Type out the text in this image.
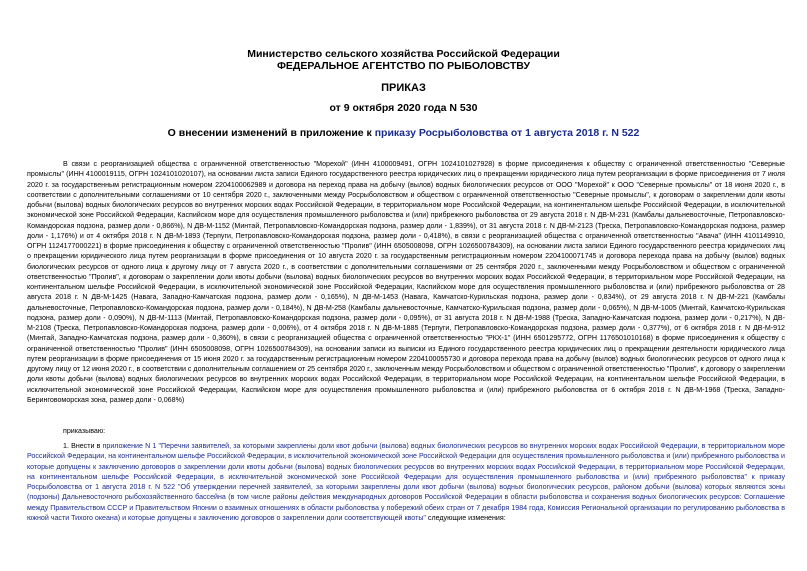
Министерство сельского хозяйства Российской Федерации
ФЕДЕРАЛЬНОЕ АГЕНТСТВО ПО РЫБОЛОВСТВУ
ПРИКАЗ
от 9 октября 2020 года N 530
О внесении изменений в приложение к приказу Росрыболовства от 1 августа 2018 г. N 522
В связи с реорганизацией общества с ограниченной ответственностью "Морехой" (ИНН 4100009491, ОГРН 1024101027928) в форме присоединения к обществу с ограниченной ответственностью "Северные промыслы" (ИНН 4100019115, ОГРН 1024101020107), на основании листа записи Единого государственного реестра юридических лиц о прекращении юридического лица путем реорганизации в форме присоединения от 7 июля 2020 г. за государственным регистрационным номером 2204100062989 и договора на переход права на добычу (вылов) водных биологических ресурсов от ООО "Морехой" к ООО "Северные промыслы" от 18 июня 2020 г., в соответствии с дополнительными соглашениями от 10 сентября 2020 г., заключенными между Росрыболовством и обществом с ограниченной ответственностью "Северные промыслы", к договорам о закреплении доли квоты добычи (вылова) водных биологических ресурсов во внутренних морских водах Российской Федерации, в территориальном море Российской Федерации, на континентальном шельфе Российской Федерации, в исключительной экономической зоне Российской Федерации, Каспийском море для осуществления промышленного рыболовства и (или) прибрежного рыболовства от 29 августа 2018 г. N ДВ-М-231 (Камбалы дальневосточные, Петропавловско-Командорская подзона, размер доли - 0,866%), N ДВ-М-1152 (Минтай, Петропавловско-Командорская подзона, размер доли - 1,839%), от 31 августа 2018 г. N ДВ-М-2123 (Треска, Петропавловско-Командорская подзона, размер доли - 1,176%) и от 4 октября 2018 г. N ДВ-М-1893 (Терпуги, Петропавловско-Командорская подзона, размер доли - 0,418%), в связи с реорганизацией общества с ограниченной ответственностью "Авача" (ИНН 4101149910, ОГРН 1124177000221) в форме присоединения к обществу с ограниченной ответственностью "Пролив" (ИНН 6505008098, ОГРН 1026500784309), на основании листа записи Единого государственного реестра юридических лиц о прекращении юридического лица путем реорганизации в форме присоединения от 10 августа 2020 г. за государственным регистрационным номером 2204100071745 и договора перехода права на добычу (вылов) водных биологических ресурсов от одного лица к другому лицу от 7 августа 2020 г., в соответствии с дополнительными соглашениями от 25 сентября 2020 г., заключенными между Росрыболовством и обществом с ограниченной ответственностью "Пролив", к договорам о закреплении доли квоты добычи (вылова) водных биологических ресурсов во внутренних морских водах Российской Федерации, в территориальном море Российской Федерации, на континентальном шельфе Российской Федерации, в исключительной экономической зоне Российской Федерации, Каспийском море для осуществления промышленного рыболовства и (или) прибрежного рыболовства от 28 августа 2018 г. N ДВ-М-1425 (Навага, Западно-Камчатская подзона, размер доли - 0,165%), N ДВ-М-1453 (Навага, Камчатско-Курильская подзона, размер доли - 0,834%), от 29 августа 2018 г. N ДВ-М-221 (Камбалы дальневосточные, Петропавловско-Командорская подзона, размер доли - 0,184%), N ДВ-М-258 (Камбалы дальневосточные, Камчатско-Курильская подзона, размер доли - 0,065%), N ДВ-М-1005 (Минтай, Камчатско-Курильская подзона, размер доли - 0,090%), N ДВ-М-1113 (Минтай, Петропавловско-Командорская подзона, размер доли - 0,095%), от 31 августа 2018 г. N ДВ-М-1988 (Треска, Западно-Камчатская подзона, размер доли - 0,217%), N ДВ-М-2108 (Треска, Петропавловско-Командорская подзона, размер доли - 0,006%), от 4 октября 2018 г. N ДВ-М-1885 (Терпуги, Петропавловско-Командорская подзона, размер доли - 0,377%), от 6 октября 2018 г. N ДВ-М-912 (Минтай, Западно-Камчатская подзона, размер доли - 0,360%), в связи с реорганизацией общества с ограниченной ответственностью "РКХ-1" (ИНН 6501295772, ОГРН 1176501010168) в форме присоединения к обществу с ограниченной ответственностью "Пролив" (ИНН 6505008098, ОГРН 1026500784309), на основании записи из выписки из Единого государственного реестра юридических лиц о прекращении деятельности юридического лица путем реорганизации в форме присоединения от 15 июня 2020 г. за государственным регистрационным номером 2204100055730 и договора перехода права на добычу (вылов) водных биологических ресурсов от одного лица к другому лицу от 12 июня 2020 г., в соответствии с дополнительным соглашением от 25 сентября 2020 г., заключенным между Росрыболовством и обществом с ограниченной ответственностью "Пролив", к договору о закреплении доли квоты добычи (вылова) водных биологических ресурсов во внутренних морских водах Российской Федерации, в территориальном море Российской Федерации, на континентальном шельфе Российской Федерации, в исключительной экономической зоне Российской Федерации, Каспийском море для осуществления промышленного рыболовства и (или) прибрежного рыболовства от 6 октября 2018 г. N ДВ-М-1968 (Треска, Западно-Беринговоморская зона, размер доли - 0,068%)
приказываю:
1. Внести в приложение N 1 "Перечни заявителей, за которыми закреплены доли квот добычи (вылова) водных биологических ресурсов во внутренних морских водах Российской Федерации, в территориальном море Российской Федерации, на континентальном шельфе Российской Федерации, в исключительной экономической зоне Российской Федерации для осуществления промышленного рыболовства и (или) прибрежного рыболовства и которые допущены к заключению договоров о закреплении доли квоты добычи (вылова) водных биологических ресурсов во внутренних морских водах Российской Федерации, в территориальном море Российской Федерации, на континентальном шельфе Российской Федерации, в исключительной экономической зоне Российской Федерации для осуществления промышленного рыболовства и (или) прибрежного рыболовства" к приказу Росрыболовства от 1 августа 2018 г. N 522 "Об утверждении перечней заявителей, за которыми закреплены доли квот добычи (вылова) водных биологических ресурсов, районом добычи (вылова) которых являются зоны (подзоны) Дальневосточного рыбохозяйственного бассейна (в том числе районы действия международных договоров Российской Федерации в области рыболовства и сохранения водных биологических ресурсов: Соглашение между Правительством СССР и Правительством Японии о взаимных отношениях в области рыболовства у побережий обеих стран от 7 декабря 1984 года, Комиссия Региональной организации по регулированию рыболовства в южной части Тихого океана) и которые допущены к заключению договоров о закреплении доли соответствующей квоты" следующие изменения:
